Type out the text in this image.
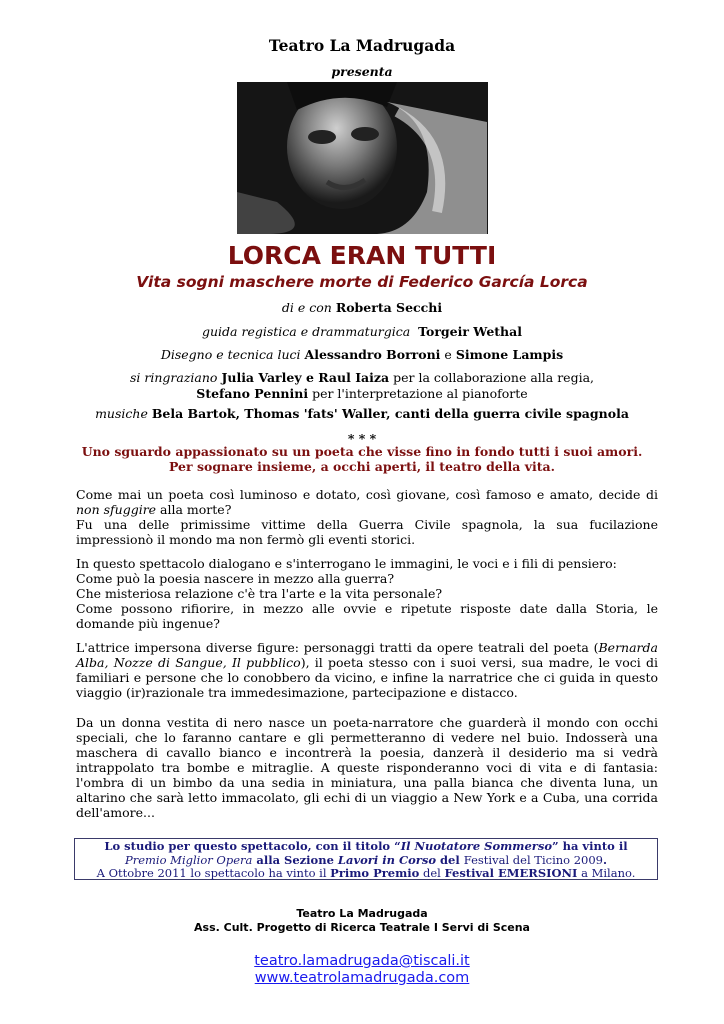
Teatro La Madrugada
presenta
LORCA ERAN TUTTI
Vita sogni maschere morte di Federico García Lorca
di e con Roberta Secchi
guida registica e drammaturgica Torgeir Wethal
Disegno e tecnica luci Alessandro Borroni e Simone Lampis
si ringraziano Julia Varley e Raul Iaiza per la collaborazione alla regia,
Stefano Pennini per l'interpretazione al pianoforte
musiche Bela Bartok, Thomas 'fats' Waller, canti della guerra civile spagnola
* * *
Uno sguardo appassionato su un poeta che visse fino in fondo tutti i suoi amori.
Per sognare insieme, a occhi aperti, il teatro della vita.
Come mai un poeta così luminoso e dotato, così giovane, così famoso e amato, decide di non sfuggire alla morte?
Fu una delle primissime vittime della Guerra Civile spagnola, la sua fucilazione impressionò il mondo ma non fermò gli eventi storici.
In questo spettacolo dialogano e s'interrogano le immagini, le voci e i fili di pensiero:
Come può la poesia nascere in mezzo alla guerra?
Che misteriosa relazione c'è tra l'arte e la vita personale?
Come possono rifiorire, in mezzo alle ovvie e ripetute risposte date dalla Storia, le domande più ingenue?
L'attrice impersona diverse figure: personaggi tratti da opere teatrali del poeta (Bernarda Alba, Nozze di Sangue, Il pubblico), il poeta stesso con i suoi versi, sua madre, le voci di familiari e persone che lo conobbero da vicino, e infine la narratrice che ci guida in questo viaggio (ir)razionale tra immedesimazione, partecipazione e distacco.
Da un donna vestita di nero nasce un poeta-narratore che guarderà il mondo con occhi speciali, che lo faranno cantare e gli permetteranno di vedere nel buio. Indosserà una maschera di cavallo bianco e incontrerà la poesia, danzerà il desiderio ma si vedrà intrappolato tra bombe e mitraglie. A queste risponderanno voci di vita e di fantasia: l'ombra di un bimbo da una sedia in miniatura, una palla bianca che diventa luna, un altarino che sarà letto immacolato, gli echi di un viaggio a New York e a Cuba, una corrida dell'amore...
Lo studio per questo spettacolo, con il titolo “Il Nuotatore Sommerso” ha vinto il
Premio Miglior Opera alla Sezione Lavori in Corso del Festival del Ticino 2009.
A Ottobre 2011 lo spettacolo ha vinto il Primo Premio del Festival EMERSIONI a Milano.
Teatro La Madrugada
Ass. Cult. Progetto di Ricerca Teatrale I Servi di Scena
teatro.lamadrugada@tiscali.it
www.teatrolamadrugada.com
